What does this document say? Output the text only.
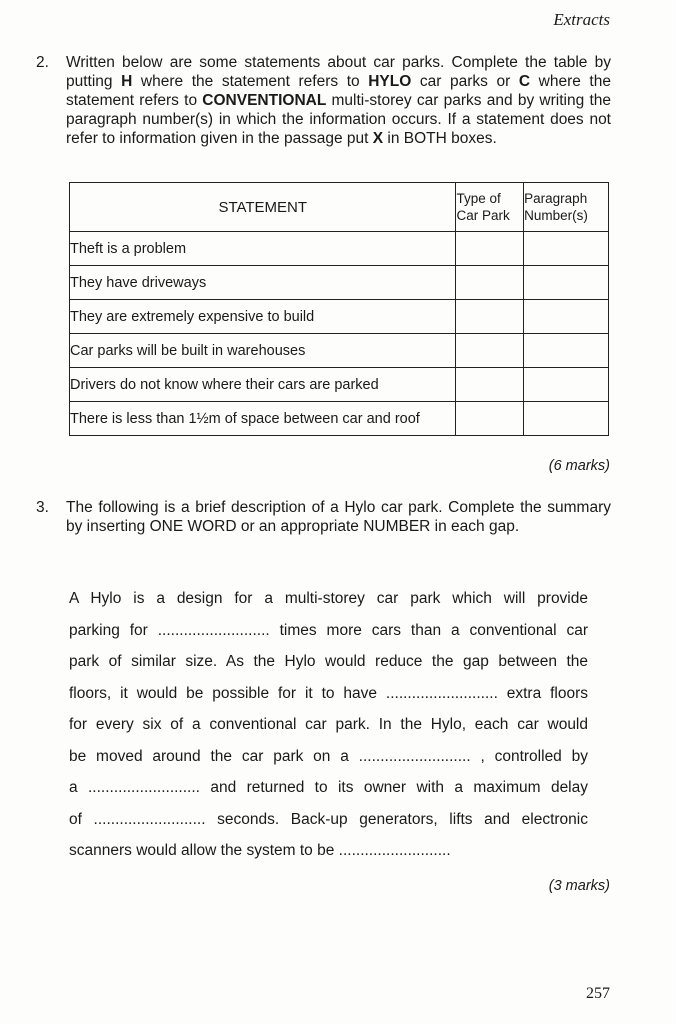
Extracts
2. Written below are some statements about car parks. Complete the table by putting H where the statement refers to HYLO car parks or C where the statement refers to CONVENTIONAL multi-storey car parks and by writing the paragraph number(s) in which the information occurs. If a statement does not refer to information given in the passage put X in BOTH boxes.
STATEMENT	Type of Car Park	Paragraph Number(s)
Theft is a problem		
They have driveways		
They are extremely expensive to build		
Car parks will be built in warehouses		
Drivers do not know where their cars are parked		
There is less than 1½m of space between car and roof		
(6 marks)
3. The following is a brief description of a Hylo car park. Complete the summary by inserting ONE WORD or an appropriate NUMBER in each gap.
A Hylo is a design for a multi-storey car park which will provide
parking for .......................... times more cars than a conventional car
park of similar size. As the Hylo would reduce the gap between the
floors, it would be possible for it to have .......................... extra floors
for every six of a conventional car park. In the Hylo, each car would
be moved around the car park on a .......................... , controlled by
a .......................... and returned to its owner with a maximum delay
of .......................... seconds. Back-up generators, lifts and electronic
scanners would allow the system to be ..........................
(3 marks)
257
